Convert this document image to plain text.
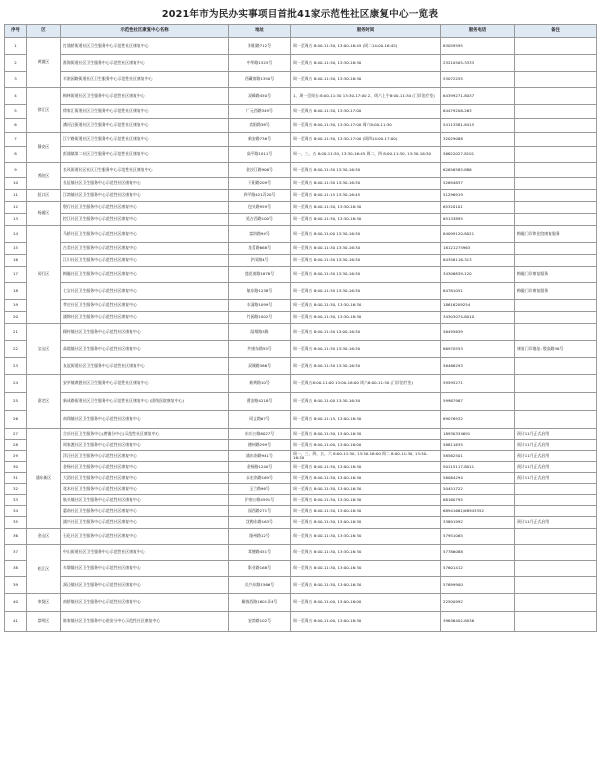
2021年市为民办实事项目首批41家示范性社区康复中心一览表
序号	区	示范性社区康复中心名称	地址	服务时间	服务电话	备注
1	黄浦区	打浦桥街道社区卫生服务中心示范性社区康复中心	斜阳路712号	周一至周五 8:00-11:30, 13:00-16:45 (周二14:00-16:45)	63059595	
2		淮海街道社区卫生服务中心示范性社区康复中心	中华路1525号	周一至周五 8:00-11:30, 13:30-16:30	23210505-3333	
3		半淞园路街道社区卫生服务中心示范性社区康复中心	西藏南路1350号	周一至周五 8:00-11:30, 13:30-16:30	53072255	
4	徐汇区	枫林街道社区卫生服务中心示范性社区康复中心	双峰路450号	1、周一至周五:8:00-11:30 13:30-17:00 2、周六上午8:00-11:30 (门诊治疗室)	64399271-8037	
5		徐家汇街道社区卫生服务中心示范性社区康复中心	广元西路349号	周一至周五 8:00-11:30, 13:30-17:00	64479206-263	
6		漕河泾街道社区卫生服务中心示范性社区康复中心	宾阳路38号	周一至周五 8:00-11:30, 13:30-17:00 周六8:00-11:30	54113581-8415	
7	静安区	江宁路街道社区卫生服务中心示范性社区康复中心	新安路736号	周一至周五 8:00-11:30, 13:30-17:00 (周四14:00-17:00)	32029088	
8		彭浦镇第二社区卫生服务中心示范性社区康复中心	高平路1011号	周一、三、五 8:00-11:30, 13:30-16:45 周二、四 8:00-11:30, 13:30-16:30	56622027-8101	
9	普陀区	长风街道社区社区卫生服务中心示范性社区康复中心	金沙江路906号	周一至周五 8:00-11:30 13:30-16:30	62656585-886	
10		长征镇社区卫生服务中心示范性社区康复中心	干阳路209号	周一至周五 8:00-11:30 13:30-16:30	52694837	
11	虹口区	江湾镇社区卫生服务中心示范性社区康复中心	四平路421弄20号	周一至周五 8:00-11:15 13:30-16:45	51296919	
12	杨浦区	殷行社区卫生服务中心示范性社区康复中心	包头路959号	周一至周五 8:00-11:30, 13:30-16:30	65320101	
13		控江社区卫生服务中心示范性社区康复中心	延吉西路100号	周一至周五 8:00-11:30, 13:30-16:30	65133895	
14	闵行区	马桥社区卫生服务中心示范性社区康复中心	富培路94号	周一至周五 8:00-11:00 13:30-16:30	64099120-8021	梅陇门诊和住院康复服务
15		古美社区卫生服务中心示范性社区康复中心	龙茗路668号	周一至周五 8:00-11:30 13:30-16:30	18121275963	
16		江川社区卫生服务中心示范性社区康复中心	沪闵路4号	周一至周五 8:00-11:30 13:30-16:30	64356116-313	
17		梅陇社区卫生服务中心示范性社区康复中心	莲花南路1676号	周一至周五 8:00-11:30 13:30-16:30	34306839-120	梅陇门诊康复服务
18		七宝社区卫生服务中心示范性社区康复中心	航东路1238号	周一至周五 8:00-11:30 13:30-16:30	64781051	梅陇门诊康复服务
19		莘庄社区卫生服务中心示范性社区康复中心	水清路1099号	周一至周五 8:00-11:30, 13:30-16:30	18616209254	
20		浦锦社区卫生服务中心示范性社区康复中心	竹园路1002号	周一至周五 8:00-11:30, 13:30-16:30	34303074-8010	
21	宝山区	顾村镇社区卫生服务中心示范性社区康复中心	陆翔路3路	周一至周五 8:00-11:30 13:00-16:30	56495639	
22		高境镇社区卫生服务中心示范性社区康复中心	共康东路55号	周一至周五 8:00-11:30 13:30-16:30	66970553	康复门诊地址: 殷高路38号
23		友谊街道社区卫生服务中心示范性社区康复中心	双城路386号	周一至周五 8:00-11:30 13:30-16:30	56466293	
24	嘉定区	安亭镇黄渡社区卫生服务中心示范性社区康复中心	新黄路10号	周一至周五8:00-11:00 13:00-16:00 周六8:00-11:30 (门诊治疗室)	59595271	
25		新成路街道社区卫生服务中心示范性社区康复中心 (团结医院康复中心)	曹安路4218号	周一至周五 8:00-11:00 13:30-16:30	59987987	
26		南翔镇社区卫生服务中心示范性社区康复中心	同义路67号	周一至周五 8:00-11:15, 13:00-16:30	69076932	
27	浦东新区	合庆社区卫生服务中心(唐镇分中心)示范性社区康复中心	东川公路6027号	周一至周五 8:00-11:30, 13:00-16:30	18930334691	预计11月正式启用
28		周家渡社区卫生服务中心示范性社区康复中心	德州路299号	周一至周五 8:00-11:00, 13:00-16:00	58811635	预计11月正式启用
29		洋泾社区卫生服务中心示范性社区康复中心	浦东南路941号	周一、三、四、五、六 8:00-11:30, 13:30-16:00 周二 8:00-11:30, 13:30-16:30	58562501	预计11月正式启用
30		金杨社区卫生服务中心示范性社区康复中心	金杨路1240号	周一至周五 8:00-11:30, 13:00-16:30	50115117-8011	预计11月正式启用
31		大团社区卫生服务中心示范性社区康复中心	永宏南路169号	周一至周五 8:00-11:30, 13:00-16:30	58084294	预计11月正式启用
32		花木社区卫生服务中心示范性社区康复中心	玉兰路96号	周一至周五 8:00-11:30, 13:00-16:30	50451722	
33		航头镇社区卫生服务中心示范性社区康复中心	沪南公路4591号	周一至周五 8:00-11:30, 13:30-16:30	68160795	
34		惠南社区卫生服务中心示范性社区康复中心	园西路271号	周一至周五 8:00-11:30, 13:00-16:30	68941661/68943352	
35		浦兴社区卫生服务中心示范性社区康复中心	沈梅东路163号	周一至周五 8:00-11:30, 13:00-16:30	33891992	预计11月正式启用
36	金山区	石化社区卫生服务中心示范性社区康复中心	隆州路12号	周一至周五 8:00-11:30, 13:30-16:30	57951065	
37	松江区	中山街道社区卫生服务中心示范性社区康复中心	茸德路451号	周一至周五 8:00-11:30, 13:30-16:30	57786088	
38		车墩镇社区卫生服务中心示范性社区康复中心	影业路168号	周一至周五 8:00-11:30, 13:00-16:30	57601412	
39		洞泾镇社区卫生服务中心示范性社区康复中心	长兴东路1566号	周一至周五 8:00-11:30, 13:00-16:30	57699900	
40	奉贤区	南桥镇社区卫生服务中心示范性社区康复中心	解放西路1601弄4号	周一至周五 8:00-11:00, 13:00-16:00	22500992	
41	崇明区	陈家镇社区卫生服务中心裕安分中心示范性社区康复中心	安湾路102号	周一至周五 8:00-11:00, 13:00-16:30	39636402-8036	
